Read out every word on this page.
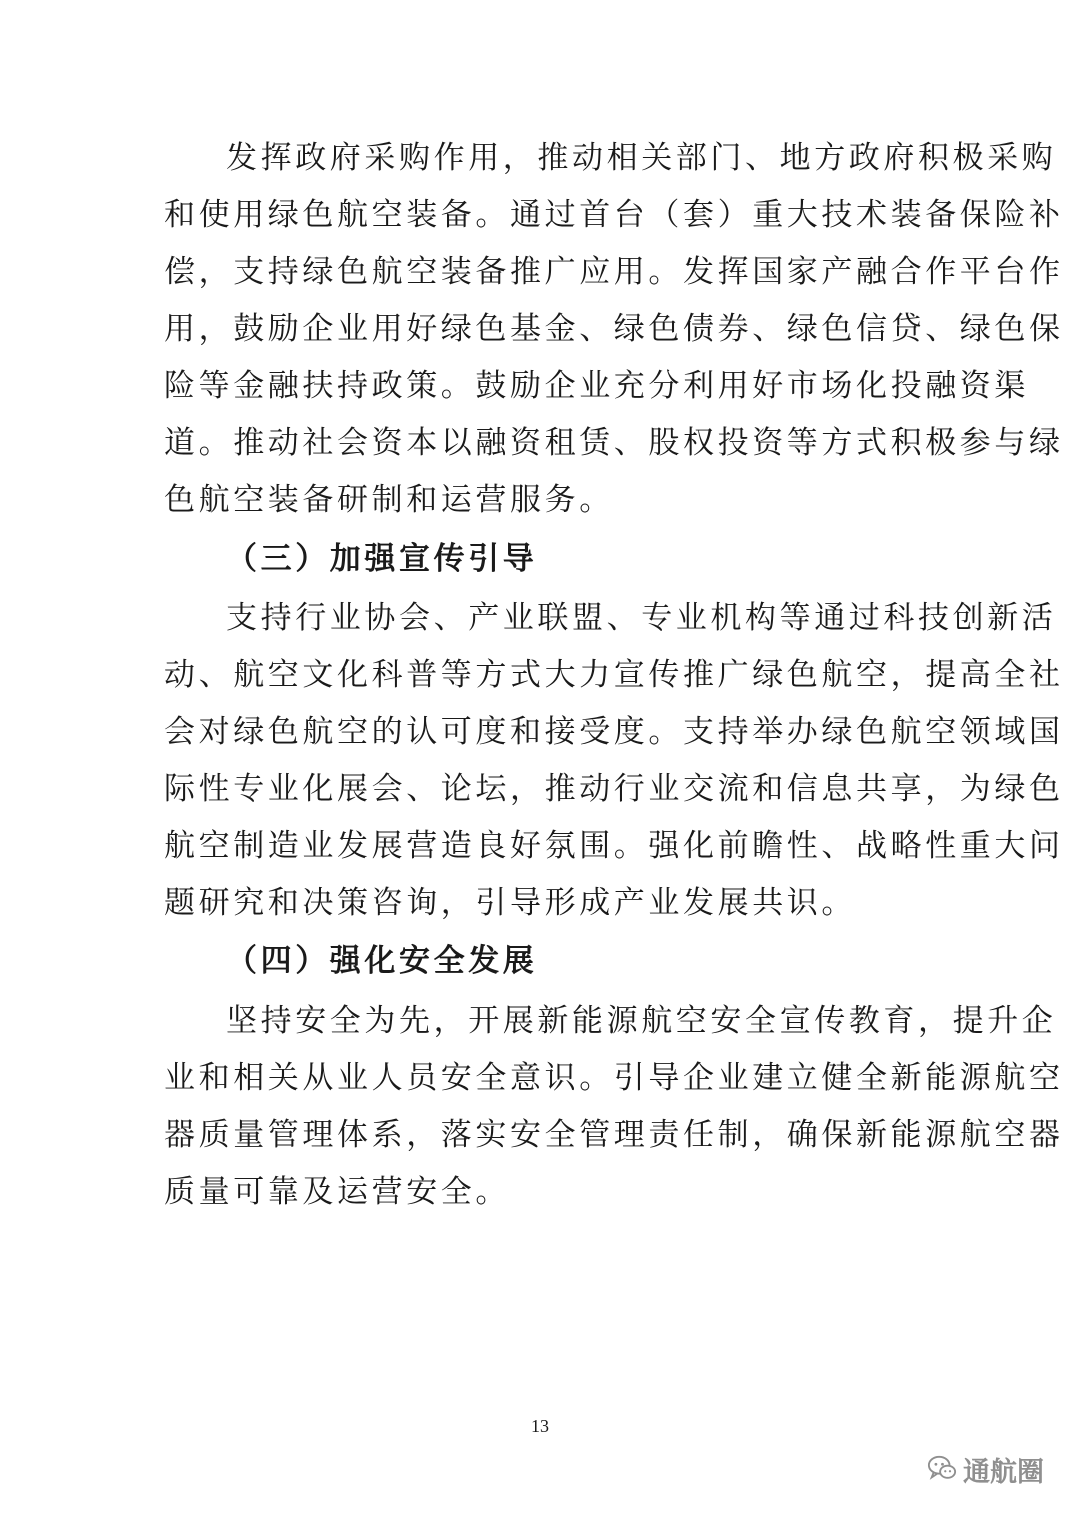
发挥政府采购作用，推动相关部门、地方政府积极采购
和使用绿色航空装备。通过首台（套）重大技术装备保险补
偿，支持绿色航空装备推广应用。发挥国家产融合作平台作
用，鼓励企业用好绿色基金、绿色债券、绿色信贷、绿色保
险等金融扶持政策。鼓励企业充分利用好市场化投融资渠
道。推动社会资本以融资租赁、股权投资等方式积极参与绿
色航空装备研制和运营服务。
（三）加强宣传引导
支持行业协会、产业联盟、专业机构等通过科技创新活
动、航空文化科普等方式大力宣传推广绿色航空，提高全社
会对绿色航空的认可度和接受度。支持举办绿色航空领域国
际性专业化展会、论坛，推动行业交流和信息共享，为绿色
航空制造业发展营造良好氛围。强化前瞻性、战略性重大问
题研究和决策咨询，引导形成产业发展共识。
（四）强化安全发展
坚持安全为先，开展新能源航空安全宣传教育，提升企
业和相关从业人员安全意识。引导企业建立健全新能源航空
器质量管理体系，落实安全管理责任制，确保新能源航空器
质量可靠及运营安全。
13
通航圈
